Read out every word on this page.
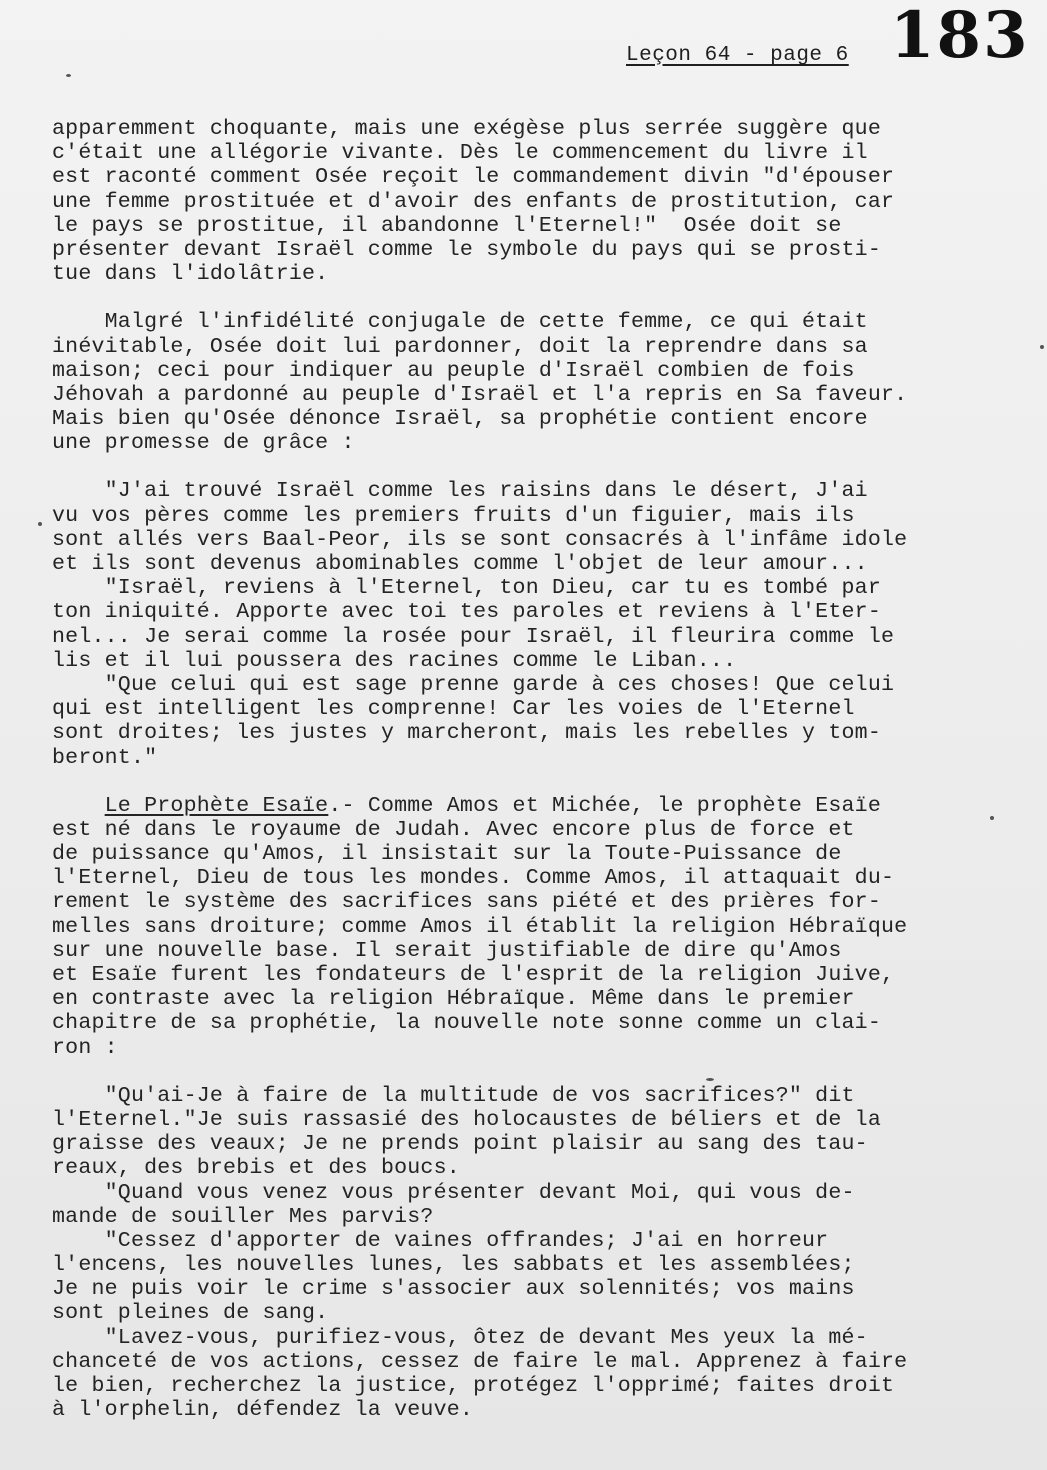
Leçon 64 - page 6 183
apparemment choquante, mais une exégèse plus serrée suggère que
c'était une allégorie vivante. Dès le commencement du livre il
est raconté comment Osée reçoit le commandement divin "d'épouser
une femme prostituée et d'avoir des enfants de prostitution, car
le pays se prostitue, il abandonne l'Eternel!"  Osée doit se
présenter devant Israël comme le symbole du pays qui se prosti-
tue dans l'idolâtrie.
Malgré l'infidélité conjugale de cette femme, ce qui était
inévitable, Osée doit lui pardonner, doit la reprendre dans sa
maison; ceci pour indiquer au peuple d'Israël combien de fois
Jéhovah a pardonné au peuple d'Israël et l'a repris en Sa faveur.
Mais bien qu'Osée dénonce Israël, sa prophétie contient encore
une promesse de grâce :
"J'ai trouvé Israël comme les raisins dans le désert, J'ai
vu vos pères comme les premiers fruits d'un figuier, mais ils
sont allés vers Baal-Peor, ils se sont consacrés à l'infâme idole
et ils sont devenus abominables comme l'objet de leur amour...
"Israël, reviens à l'Eternel, ton Dieu, car tu es tombé par
ton iniquité. Apporte avec toi tes paroles et reviens à l'Eter-
nel... Je serai comme la rosée pour Israël, il fleurira comme le
lis et il lui poussera des racines comme le Liban...
"Que celui qui est sage prenne garde à ces choses! Que celui
qui est intelligent les comprenne! Car les voies de l'Eternel
sont droites; les justes y marcheront, mais les rebelles y tom-
beront."
Le Prophète Esaïe.- Comme Amos et Michée, le prophète Esaïe
est né dans le royaume de Judah. Avec encore plus de force et
de puissance qu'Amos, il insistait sur la Toute-Puissance de
l'Eternel, Dieu de tous les mondes. Comme Amos, il attaquait du-
rement le système des sacrifices sans piété et des prières for-
melles sans droiture; comme Amos il établit la religion Hébraïque
sur une nouvelle base. Il serait justifiable de dire qu'Amos
et Esaïe furent les fondateurs de l'esprit de la religion Juive,
en contraste avec la religion Hébraïque. Même dans le premier
chapitre de sa prophétie, la nouvelle note sonne comme un clai-
ron :
"Qu'ai-Je à faire de la multitude de vos sacrifices?" dit
l'Eternel."Je suis rassasié des holocaustes de béliers et de la
graisse des veaux; Je ne prends point plaisir au sang des tau-
reaux, des brebis et des boucs.
"Quand vous venez vous présenter devant Moi, qui vous de-
mande de souiller Mes parvis?
"Cessez d'apporter de vaines offrandes; J'ai en horreur
l'encens, les nouvelles lunes, les sabbats et les assemblées;
Je ne puis voir le crime s'associer aux solennités; vos mains
sont pleines de sang.
"Lavez-vous, purifiez-vous, ôtez de devant Mes yeux la mé-
chanceté de vos actions, cessez de faire le mal. Apprenez à faire
le bien, recherchez la justice, protégez l'opprimé; faites droit
à l'orphelin, défendez la veuve.
